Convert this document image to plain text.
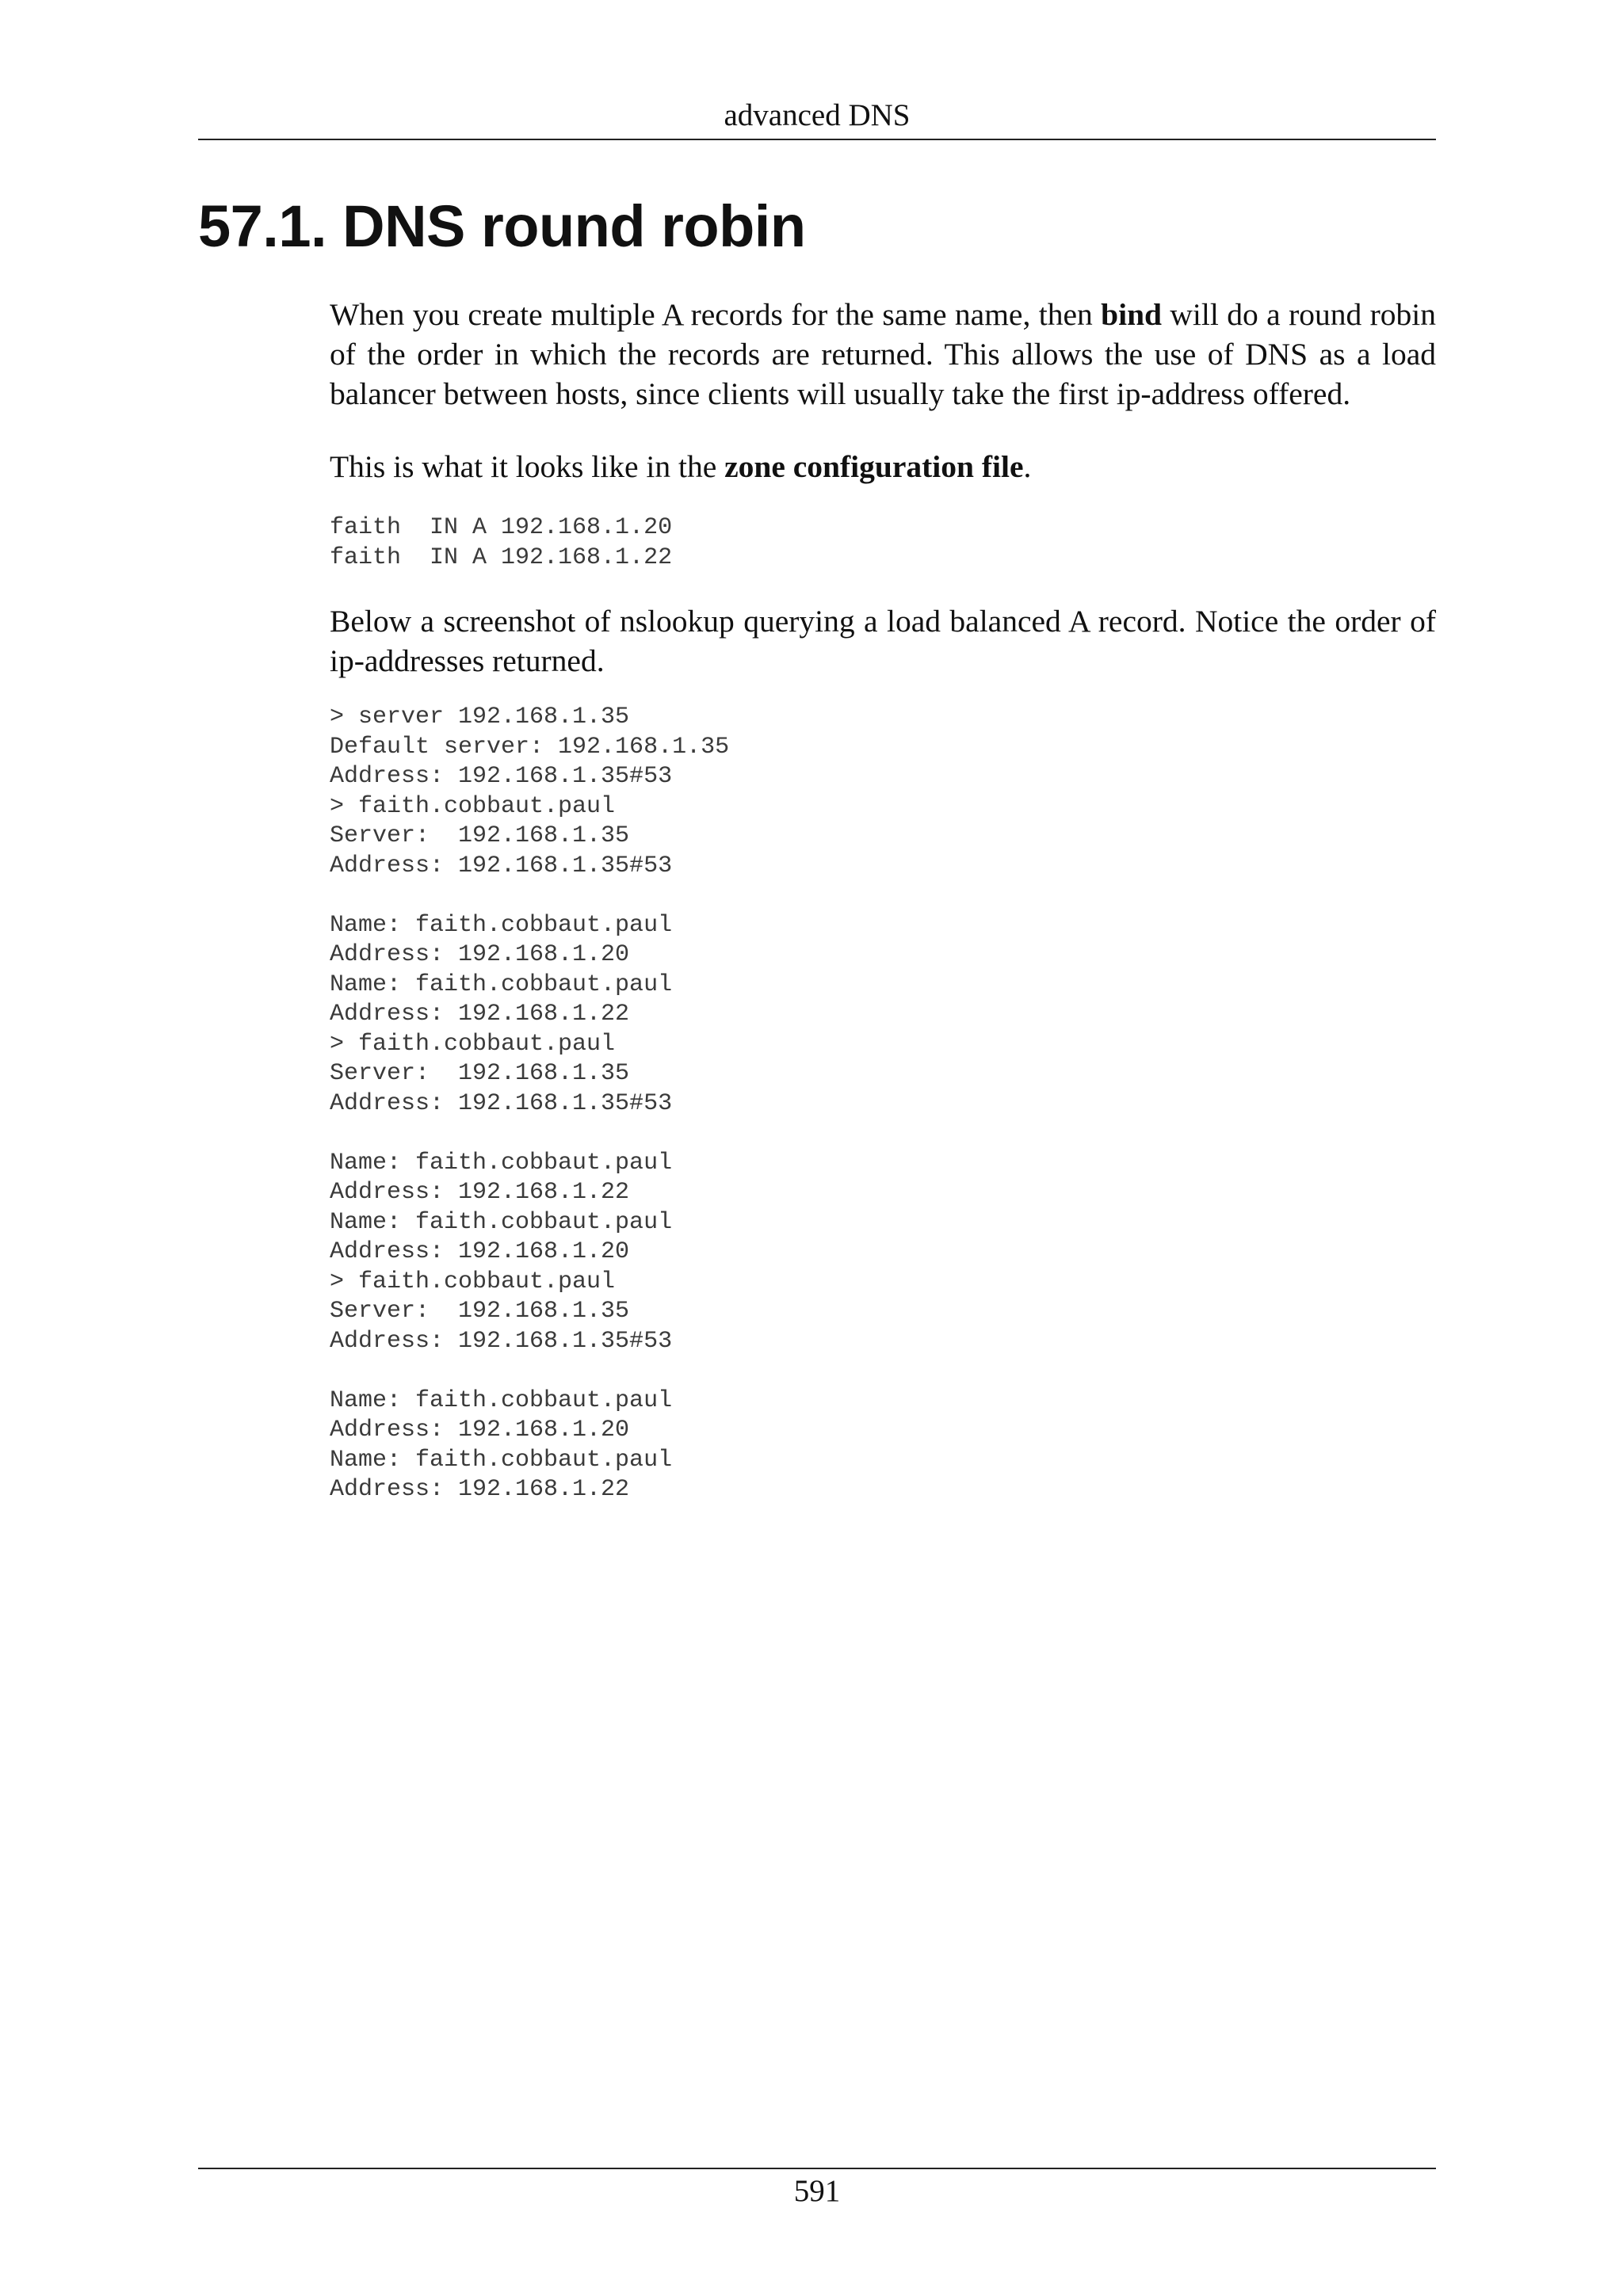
advanced DNS
57.1. DNS round robin

When you create multiple A records for the same name, then bind will do a round robin of the order in which the records are returned. This allows the use of DNS as a load balancer between hosts, since clients will usually take the first ip-address offered.

This is what it looks like in the zone configuration file.

faith  IN A 192.168.1.20
faith  IN A 192.168.1.22

Below a screenshot of nslookup querying a load balanced A record. Notice the order of ip-addresses returned.

> server 192.168.1.35
Default server: 192.168.1.35
Address: 192.168.1.35#53
> faith.cobbaut.paul
Server:  192.168.1.35
Address: 192.168.1.35#53

Name: faith.cobbaut.paul
Address: 192.168.1.20
Name: faith.cobbaut.paul
Address: 192.168.1.22
> faith.cobbaut.paul
Server:  192.168.1.35
Address: 192.168.1.35#53

Name: faith.cobbaut.paul
Address: 192.168.1.22
Name: faith.cobbaut.paul
Address: 192.168.1.20
> faith.cobbaut.paul
Server:  192.168.1.35
Address: 192.168.1.35#53

Name: faith.cobbaut.paul
Address: 192.168.1.20
Name: faith.cobbaut.paul
Address: 192.168.1.22
591
